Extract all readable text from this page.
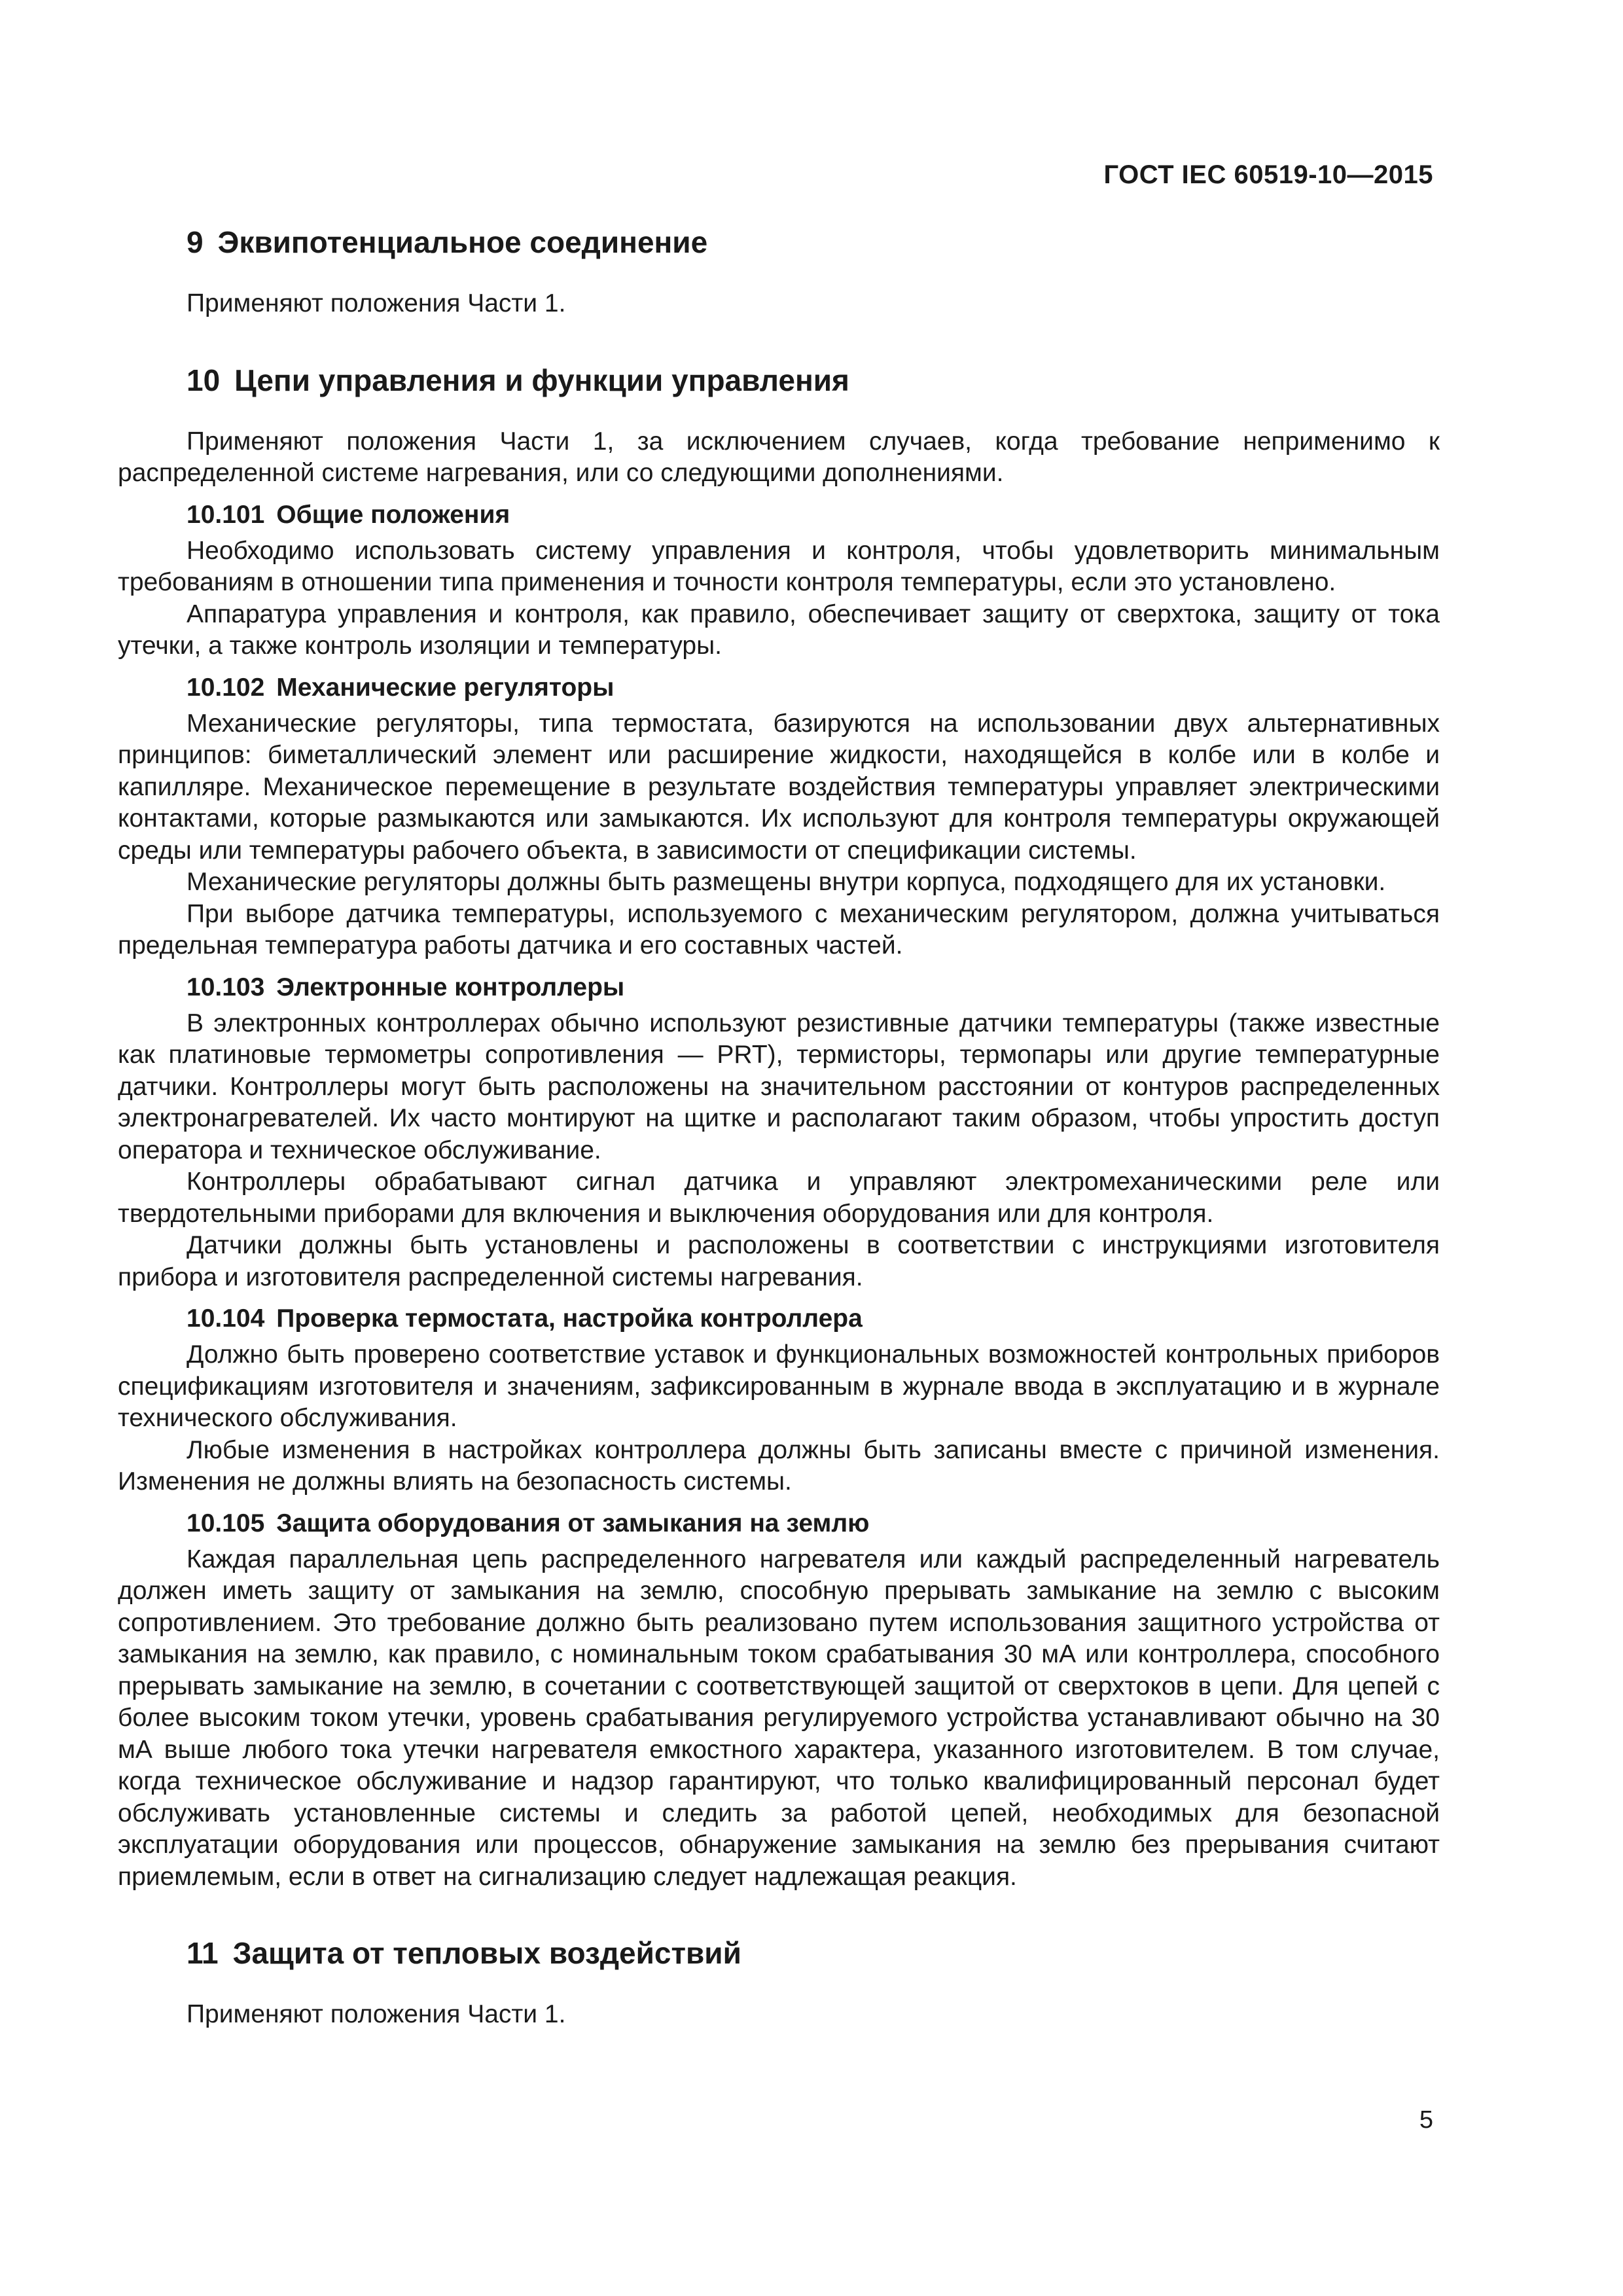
ГОСТ IEC 60519-10—2015
9 Эквипотенциальное соединение

Применяют положения Части 1.

10 Цепи управления и функции управления

Применяют положения Части 1, за исключением случаев, когда требование неприменимо к распределенной системе нагревания, или со следующими дополнениями.

10.101 Общие положения

Необходимо использовать систему управления и контроля, чтобы удовлетворить минимальным требованиям в отношении типа применения и точности контроля температуры, если это установлено.

Аппаратура управления и контроля, как правило, обеспечивает защиту от сверхтока, защиту от тока утечки, а также контроль изоляции и температуры.

10.102 Механические регуляторы

Механические регуляторы, типа термостата, базируются на использовании двух альтернативных принципов: биметаллический элемент или расширение жидкости, находящейся в колбе или в колбе и капилляре. Механическое перемещение в результате воздействия температуры управляет электрическими контактами, которые размыкаются или замыкаются. Их используют для контроля температуры окружающей среды или температуры рабочего объекта, в зависимости от спецификации системы.

Механические регуляторы должны быть размещены внутри корпуса, подходящего для их установки.

При выборе датчика температуры, используемого с механическим регулятором, должна учитываться предельная температура работы датчика и его составных частей.

10.103 Электронные контроллеры

В электронных контроллерах обычно используют резистивные датчики температуры (также известные как платиновые термометры сопротивления — PRT), термисторы, термопары или другие температурные датчики. Контроллеры могут быть расположены на значительном расстоянии от контуров распределенных электронагревателей. Их часто монтируют на щитке и располагают таким образом, чтобы упростить доступ оператора и техническое обслуживание.

Контроллеры обрабатывают сигнал датчика и управляют электромеханическими реле или твердотельными приборами для включения и выключения оборудования или для контроля.

Датчики должны быть установлены и расположены в соответствии с инструкциями изготовителя прибора и изготовителя распределенной системы нагревания.

10.104 Проверка термостата, настройка контроллера

Должно быть проверено соответствие уставок и функциональных возможностей контрольных приборов спецификациям изготовителя и значениям, зафиксированным в журнале ввода в эксплуатацию и в журнале технического обслуживания.

Любые изменения в настройках контроллера должны быть записаны вместе с причиной изменения. Изменения не должны влиять на безопасность системы.

10.105 Защита оборудования от замыкания на землю

Каждая параллельная цепь распределенного нагревателя или каждый распределенный нагреватель должен иметь защиту от замыкания на землю, способную прерывать замыкание на землю с высоким сопротивлением. Это требование должно быть реализовано путем использования защитного устройства от замыкания на землю, как правило, с номинальным током срабатывания 30 мА или контроллера, способного прерывать замыкание на землю, в сочетании с соответствующей защитой от сверхтоков в цепи. Для цепей с более высоким током утечки, уровень срабатывания регулируемого устройства устанавливают обычно на 30 мА выше любого тока утечки нагревателя емкостного характера, указанного изготовителем. В том случае, когда техническое обслуживание и надзор гарантируют, что только квалифицированный персонал будет обслуживать установленные системы и следить за работой цепей, необходимых для безопасной эксплуатации оборудования или процессов, обнаружение замыкания на землю без прерывания считают приемлемым, если в ответ на сигнализацию следует надлежащая реакция.

11 Защита от тепловых воздействий

Применяют положения Части 1.

5
